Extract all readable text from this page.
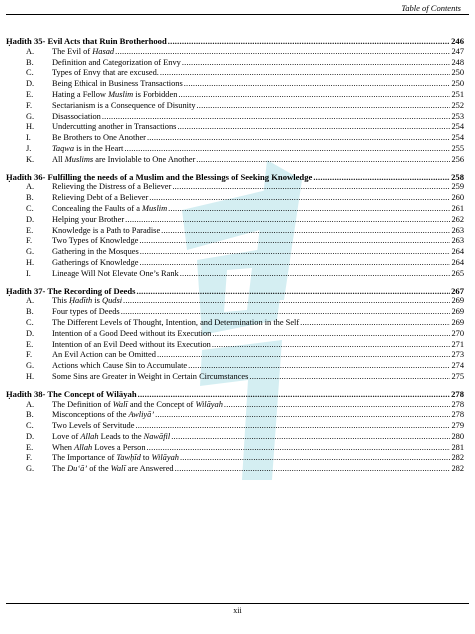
Table of Contents
Ḥadīth 35- Evil Acts that Ruin Brotherhood .....	246
A.	The Evil of Hasad .....	247
B.	Definition and Categorization of Envy .....	248
C.	Types of Envy that are excused. .....	250
D.	Being Ethical in Business Transactions .....	250
E.	Hating a Fellow Muslim is Forbidden .....	251
F.	Sectarianism is a Consequence of Disunity .....	252
G.	Disassociation .....	253
H.	Undercutting another in Transactions .....	254
I.	Be Brothers to One Another .....	254
J.	Taqwa is in the Heart .....	255
K.	All Muslims are Inviolable to One Another .....	256
Ḥadīth 36- Fulfilling the needs of a Muslim and the Blessings of Seeking Knowledge .....	258
A.	Relieving the Distress of a Believer .....	259
B.	Relieving Debt of a Believer .....	260
C.	Concealing the Faults of a Muslim .....	261
D.	Helping your Brother .....	262
E.	Knowledge is a Path to Paradise .....	263
F.	Two Types of Knowledge .....	263
G.	Gathering in the Mosques .....	264
H.	Gatherings of Knowledge .....	264
I.	Lineage Will Not Elevate One’s Rank .....	265
Ḥadīth 37- The Recording of Deeds .....	267
A.	This Ḥadīth is Qudsi .....	269
B.	Four types of Deeds .....	269
C.	The Different Levels of Thought, Intention, and Determination in the Self .....	269
D.	Intention of a Good Deed without its Execution .....	270
E.	Intention of an Evil Deed without its Execution .....	271
F.	An Evil Action can be Omitted .....	273
G.	Actions which Cause Sin to Accumulate .....	274
H.	Some Sins are Greater in Weight in Certain Circumstances .....	275
Ḥadīth 38- The Concept of Wilāyah .....	278
A.	The Definition of Walī and the Concept of Wilāyah .....	278
B.	Misconceptions of the Awliyā’ .....	278
C.	Two Levels of Servitude .....	279
D.	Love of Allah Leads to the Nawāfil .....	280
E.	When Allah Loves a Person .....	281
F.	The Importance of Tawḥīd to Wilāyah .....	282
G.	The Du‘ā’ of the Walī are Answered .....	282
xii
